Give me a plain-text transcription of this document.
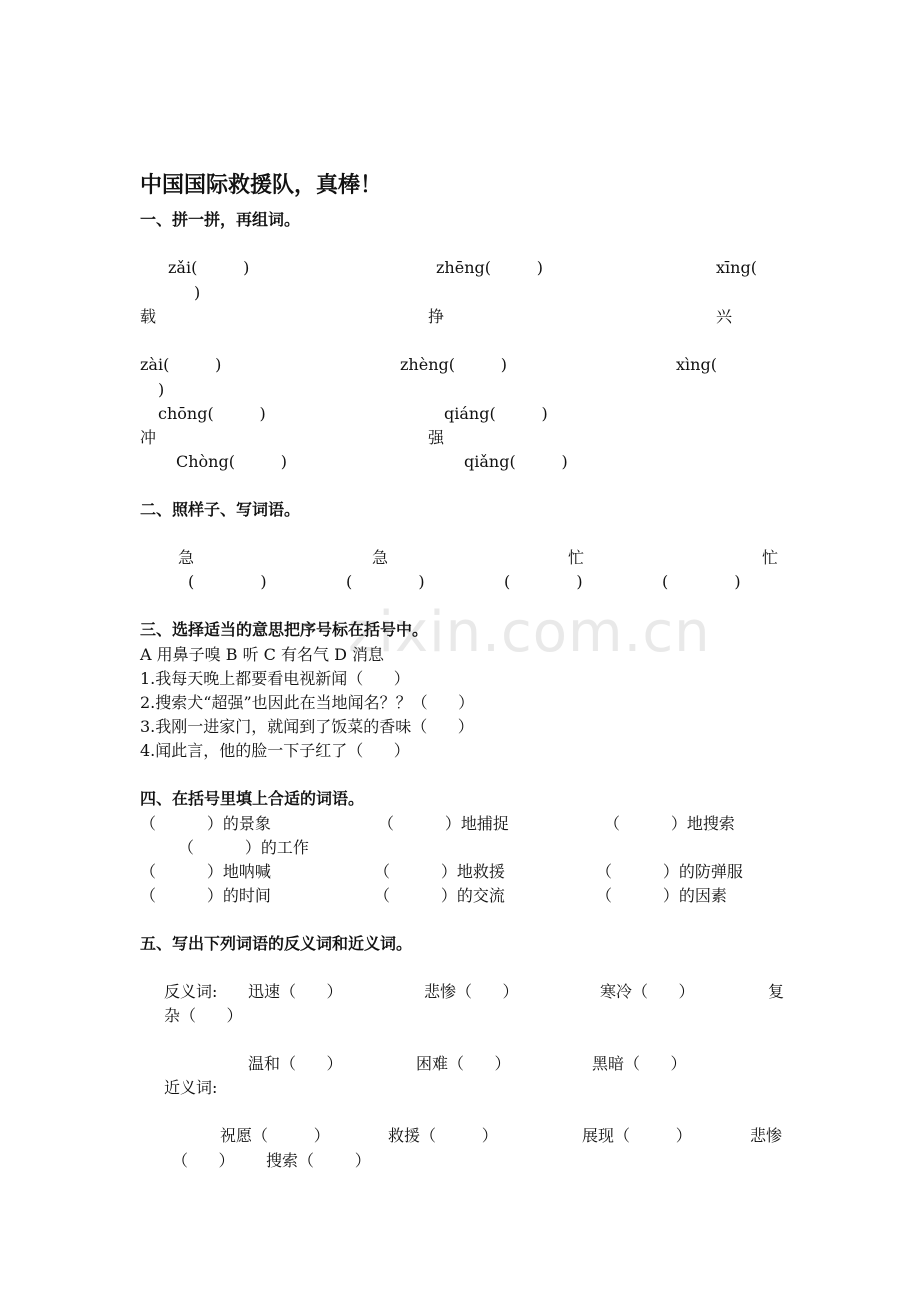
zixin.com.cn
中国国际救援队，真棒！
一、拼一拼，再组词。
zǎi(         )	zhēng(         )	xīng(
)
载	挣	兴
zài(         )	zhèng(         )	xìng(
)
chōng(         )	qiáng(         )
冲	强
Chòng(         )	qiǎng(         )
二、照样子、写词语。
急	急	忙	忙
(             )	(             )	(             )	(             )
三、选择适当的意思把序号标在括号中。
A 用鼻子嗅 B 听 C 有名气 D 消息
1.我每天晚上都要看电视新闻（      ）
2.搜索犬“超强”也因此在当地闻名？？（      ）
3.我刚一进家门，就闻到了饭菜的香味（      ）
4.闻此言，他的脸一下子红了（      ）
四、在括号里填上合适的词语。
（          ）的景象	（          ）地捕捉	（          ）地搜索
（          ）的工作
（          ）地呐喊	（          ）地救援	（          ）的防弹服
（          ）的时间	（          ）的交流	（          ）的因素
五、写出下列词语的反义词和近义词。
反义词: 迅速（      ）	悲惨（      ）	寒冷（      ）	复
杂（      ）
温和（      ）	困难（      ）	黑暗（      ）
近义词:
祝愿（         ）	救援（         ）	展现（         ）	悲惨
（      ） 搜索（        ）
